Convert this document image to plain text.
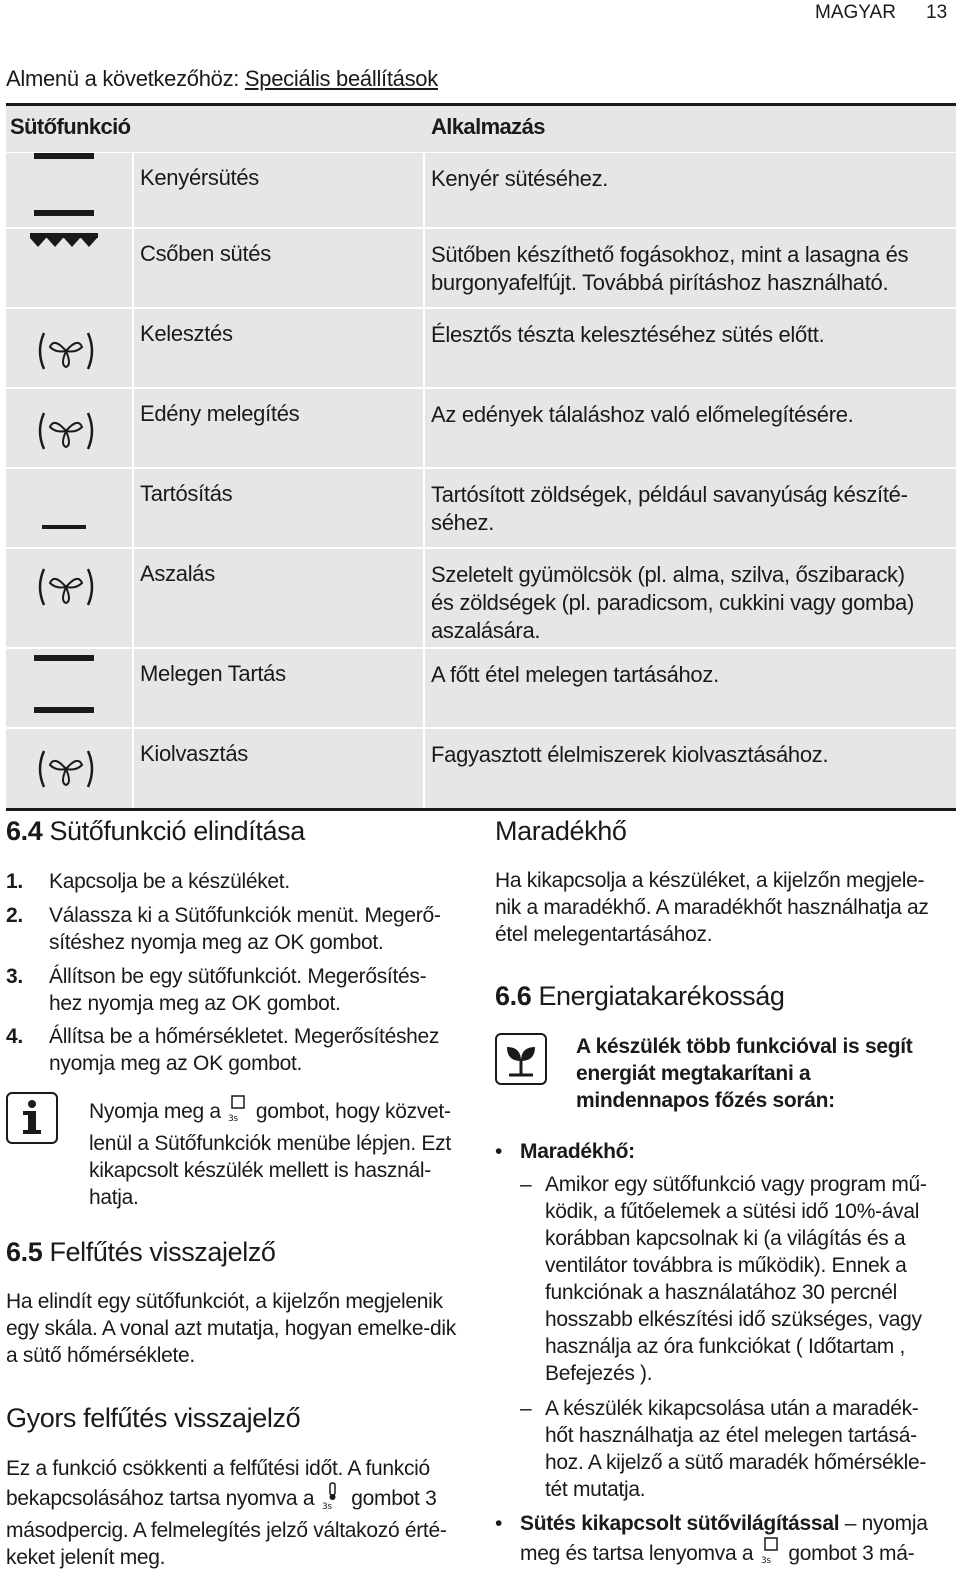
MAGYAR 13
Almenü a következőhöz: Speciális beállítások
Sütőfunkció	Alkalmazás
Kenyérsütés	Kenyér sütéséhez.
Csőben sütés	Sütőben készíthető fogásokhoz, mint a lasagna és burgonyafelfújt. Továbbá pirításhoz használható.
Kelesztés	Élesztős tészta kelesztéséhez sütés előtt.
Edény melegítés	Az edények tálaláshoz való előmelegítésére.
Tartósítás	Tartósított zöldségek, például savanyúság készíté-séhez.
Aszalás	Szeletelt gyümölcsök (pl. alma, szilva, őszibarack) és zöldségek (pl. paradicsom, cukkini vagy gomba) aszalására.
Melegen Tartás	A főtt étel melegen tartásához.
Kiolvasztás	Fagyasztott élelmiszerek kiolvasztásához.
6.4 Sütőfunkció elindítása
1. Kapcsolja be a készüléket.
2. Válassza ki a Sütőfunkciók menüt. Megerő-sítéshez nyomja meg az OK gombot.
3. Állítson be egy sütőfunkciót. Megerősítés-hez nyomja meg az OK gombot.
4. Állítsa be a hőmérsékletet. Megerősítéshez nyomja meg az OK gombot.
Nyomja meg a 3s gombot, hogy közvet-lenül a Sütőfunkciók menübe lépjen. Ezt kikapcsolt készülék mellett is használ-hatja.
6.5 Felfűtés visszajelző
Ha elindít egy sütőfunkciót, a kijelzőn megjelenik egy skála. A vonal azt mutatja, hogyan emelke-dik a sütő hőmérséklete.
Gyors felfűtés visszajelző
Ez a funkció csökkenti a felfűtési időt. A funkció bekapcsolásához tartsa nyomva a 3s gombot 3 másodpercig. A felmelegítés jelző váltakozó érté-keket jelenít meg.
Maradékhő
Ha kikapcsolja a készüléket, a kijelzőn megjele-nik a maradékhő. A maradékhőt használhatja az étel melegentartásához.
6.6 Energiatakarékosság
A készülék több funkcióval is segít energiát megtakarítani a mindennapos főzés során:
• Maradékhő:
– Amikor egy sütőfunkció vagy program mű-ködik, a fűtőelemek a sütési idő 10%-ával korábban kapcsolnak ki (a világítás és a ventilátor továbbra is működik). Ennek a funkciónak a használatához 30 percnél hosszabb elkészítési idő szükséges, vagy használja az óra funkciókat ( Időtartam , Befejezés ).
– A készülék kikapcsolása után a maradék-hőt használhatja az étel melegen tartásá-hoz. A kijelző a sütő maradék hőmérsékle-tét mutatja.
• Sütés kikapcsolt sütővilágítással – nyomja meg és tartsa lenyomva a 3s gombot 3 má-
